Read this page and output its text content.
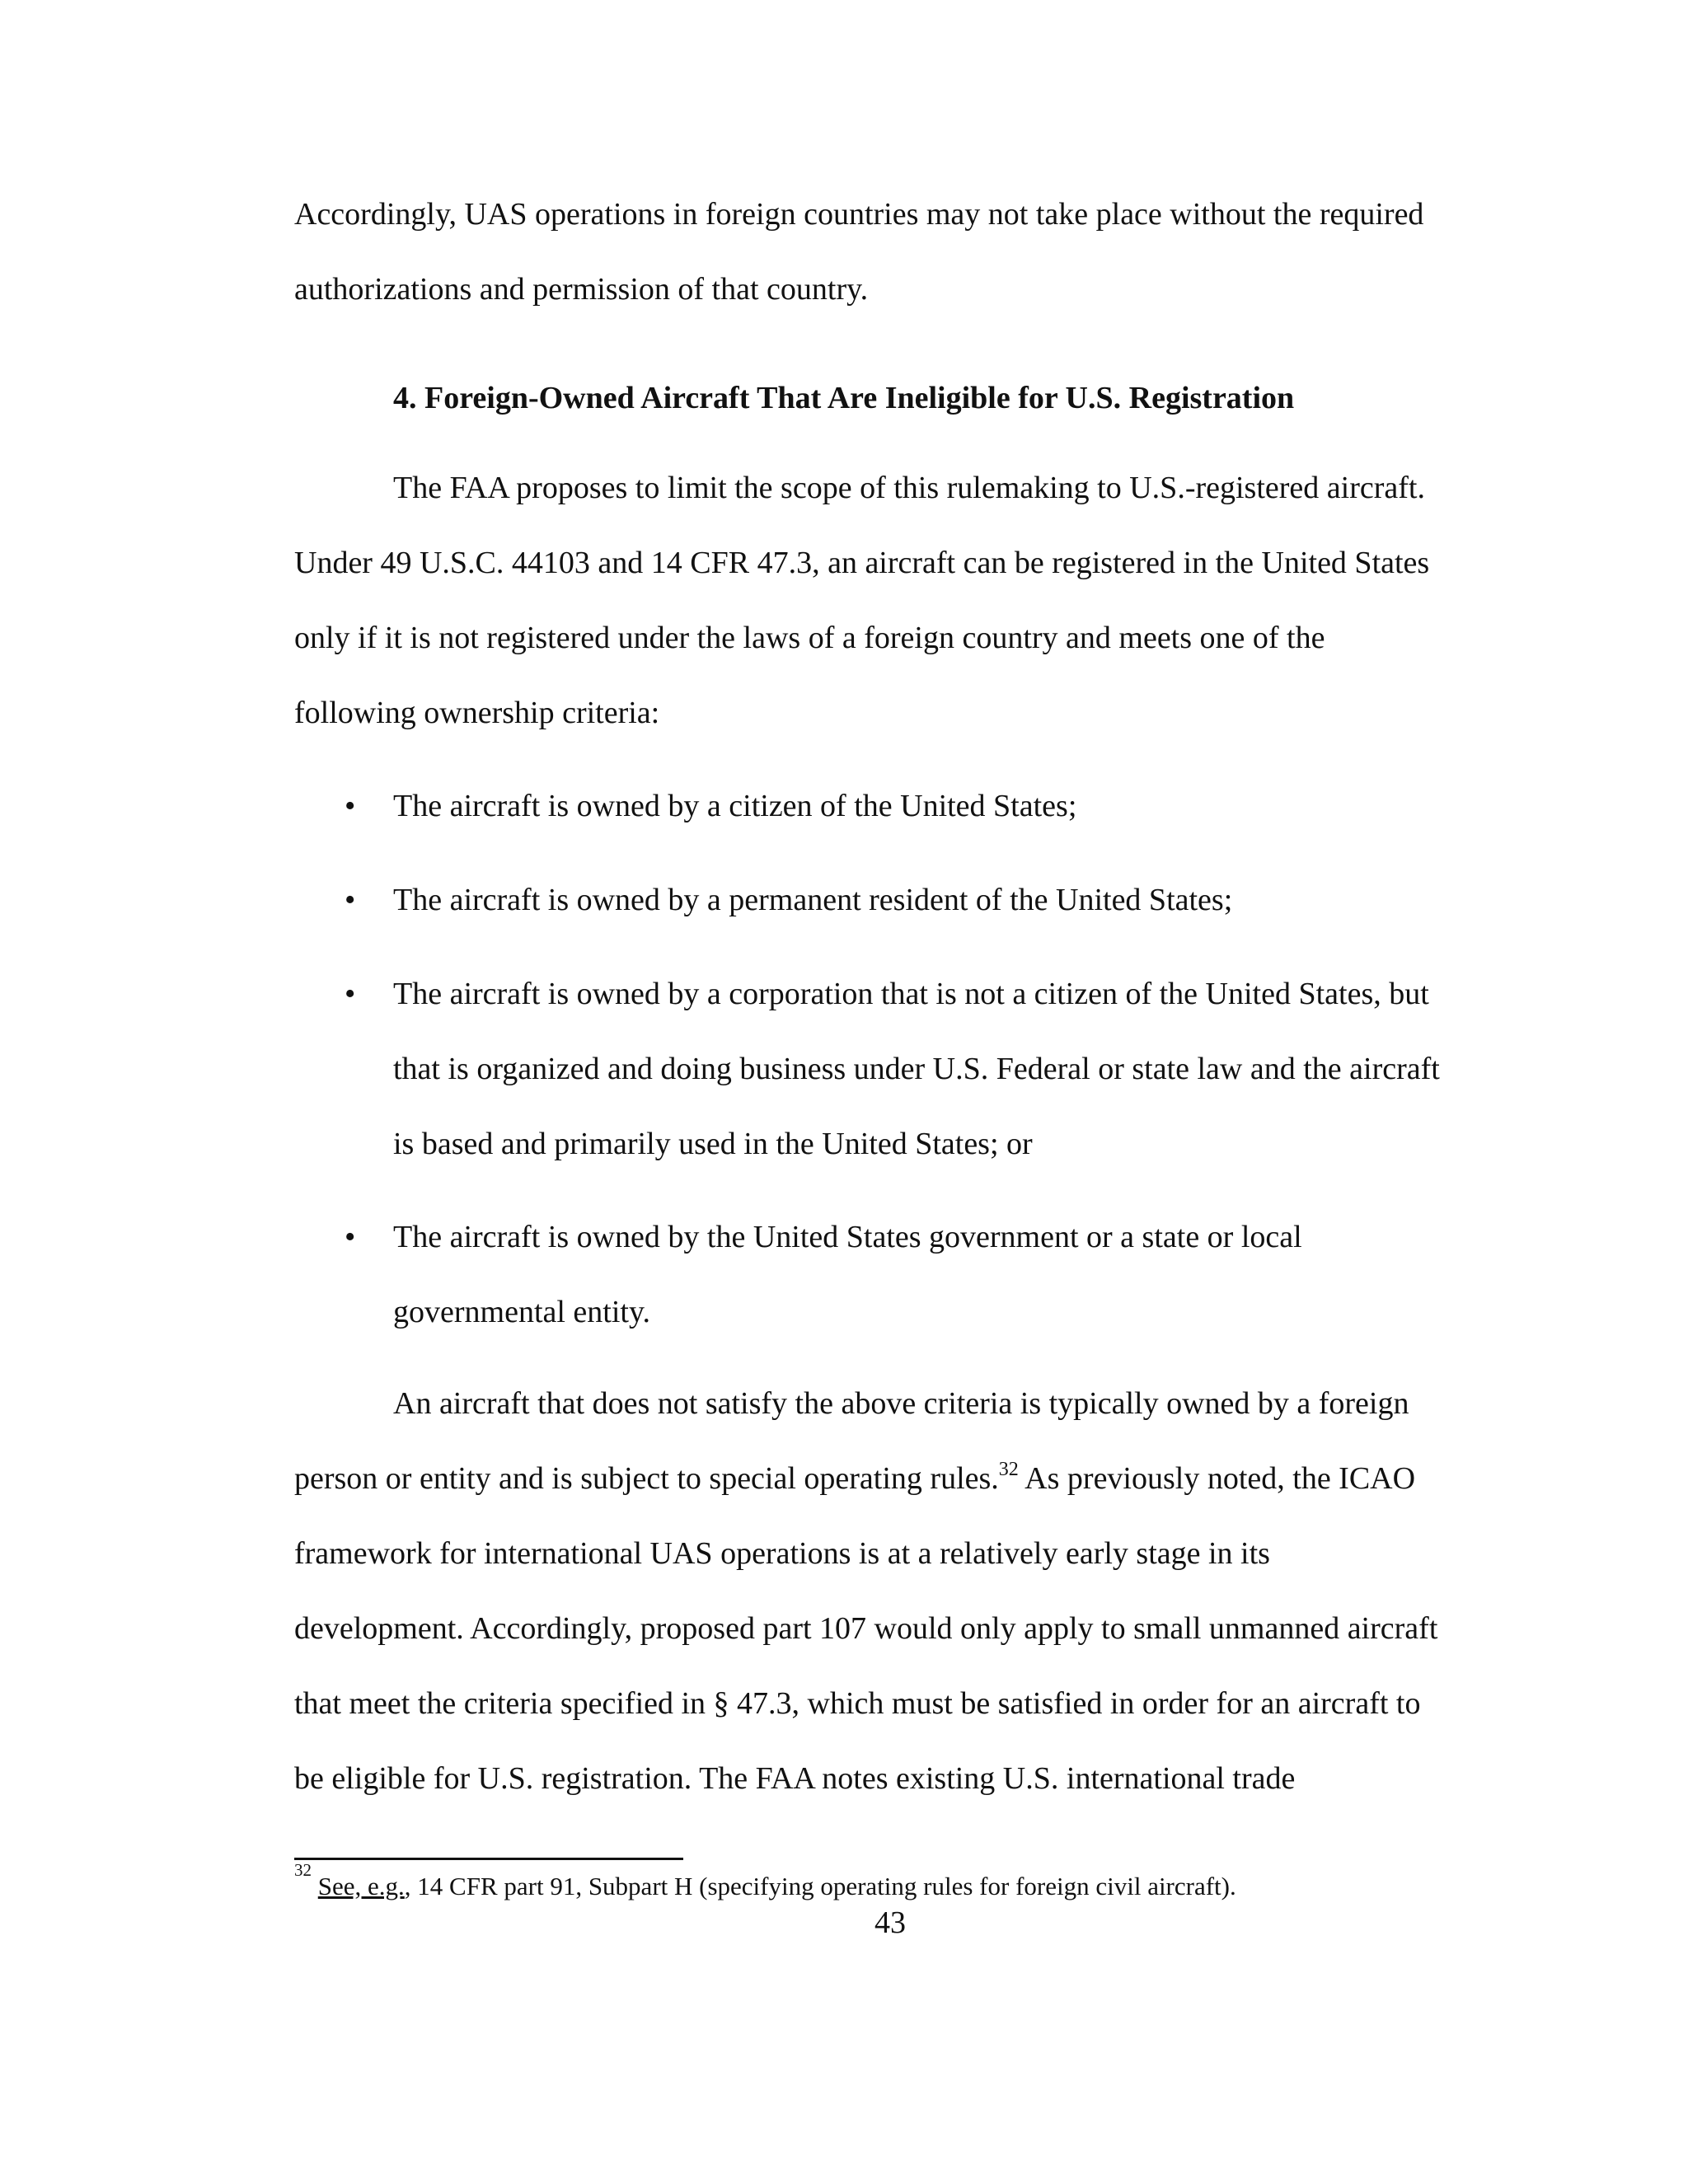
Accordingly, UAS operations in foreign countries may not take place without the required
authorizations and permission of that country.
4. Foreign-Owned Aircraft That Are Ineligible for U.S. Registration
The FAA proposes to limit the scope of this rulemaking to U.S.-registered aircraft.
Under 49 U.S.C. 44103 and 14 CFR 47.3, an aircraft can be registered in the United States
only if it is not registered under the laws of a foreign country and meets one of the
following ownership criteria:
• The aircraft is owned by a citizen of the United States;
• The aircraft is owned by a permanent resident of the United States;
• The aircraft is owned by a corporation that is not a citizen of the United States, but
that is organized and doing business under U.S. Federal or state law and the aircraft
is based and primarily used in the United States; or
• The aircraft is owned by the United States government or a state or local
governmental entity.
An aircraft that does not satisfy the above criteria is typically owned by a foreign
person or entity and is subject to special operating rules.$^{32}$ As previously noted, the ICAO
framework for international UAS operations is at a relatively early stage in its
development. Accordingly, proposed part 107 would only apply to small unmanned aircraft
that meet the criteria specified in § 47.3, which must be satisfied in order for an aircraft to
be eligible for U.S. registration. The FAA notes existing U.S. international trade
$^{32}$ See, e.g., 14 CFR part 91, Subpart H (specifying operating rules for foreign civil aircraft).
43
